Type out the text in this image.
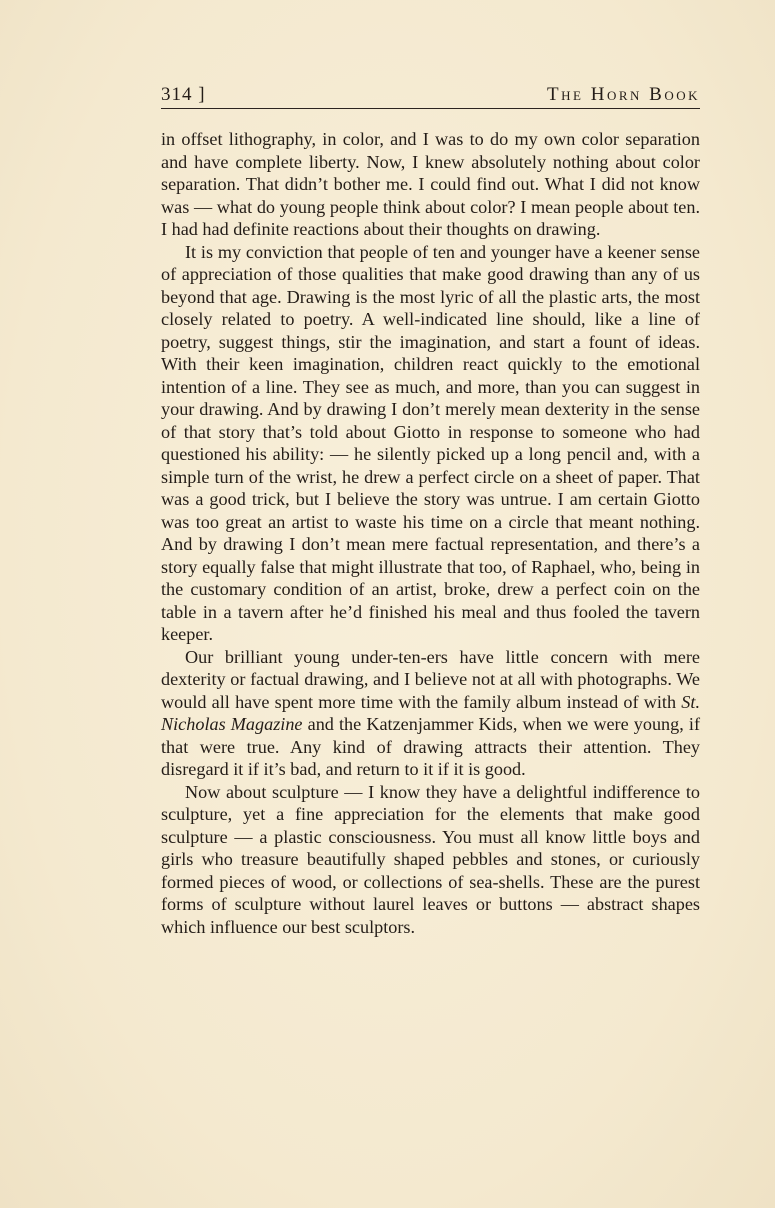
314 ]	The Horn Book

in offset lithography, in color, and I was to do my own color separation and have complete liberty. Now, I knew absolutely nothing about color separation. That didn’t bother me. I could find out. What I did not know was — what do young people think about color? I mean people about ten. I had had definite reactions about their thoughts on drawing.

It is my conviction that people of ten and younger have a keener sense of appreciation of those qualities that make good drawing than any of us beyond that age. Drawing is the most lyric of all the plastic arts, the most closely related to poetry. A well-indicated line should, like a line of poetry, suggest things, stir the imagination, and start a fount of ideas. With their keen imagination, children react quickly to the emotional intention of a line. They see as much, and more, than you can suggest in your drawing. And by drawing I don’t merely mean dexterity in the sense of that story that’s told about Giotto in response to someone who had questioned his ability: — he silently picked up a long pencil and, with a simple turn of the wrist, he drew a perfect circle on a sheet of paper. That was a good trick, but I believe the story was untrue. I am certain Giotto was too great an artist to waste his time on a circle that meant nothing. And by drawing I don’t mean mere factual representation, and there’s a story equally false that might illustrate that too, of Raphael, who, being in the customary condition of an artist, broke, drew a perfect coin on the table in a tavern after he’d finished his meal and thus fooled the tavern keeper.

Our brilliant young under-ten-ers have little concern with mere dexterity or factual drawing, and I believe not at all with photographs. We would all have spent more time with the family album instead of with St. Nicholas Magazine and the Katzenjammer Kids, when we were young, if that were true. Any kind of drawing attracts their attention. They disregard it if it’s bad, and return to it if it is good.

Now about sculpture — I know they have a delightful indifference to sculpture, yet a fine appreciation for the elements that make good sculpture — a plastic consciousness. You must all know little boys and girls who treasure beautifully shaped pebbles and stones, or curiously formed pieces of wood, or collections of sea-shells. These are the purest forms of sculpture without laurel leaves or buttons — abstract shapes which influence our best sculptors.
